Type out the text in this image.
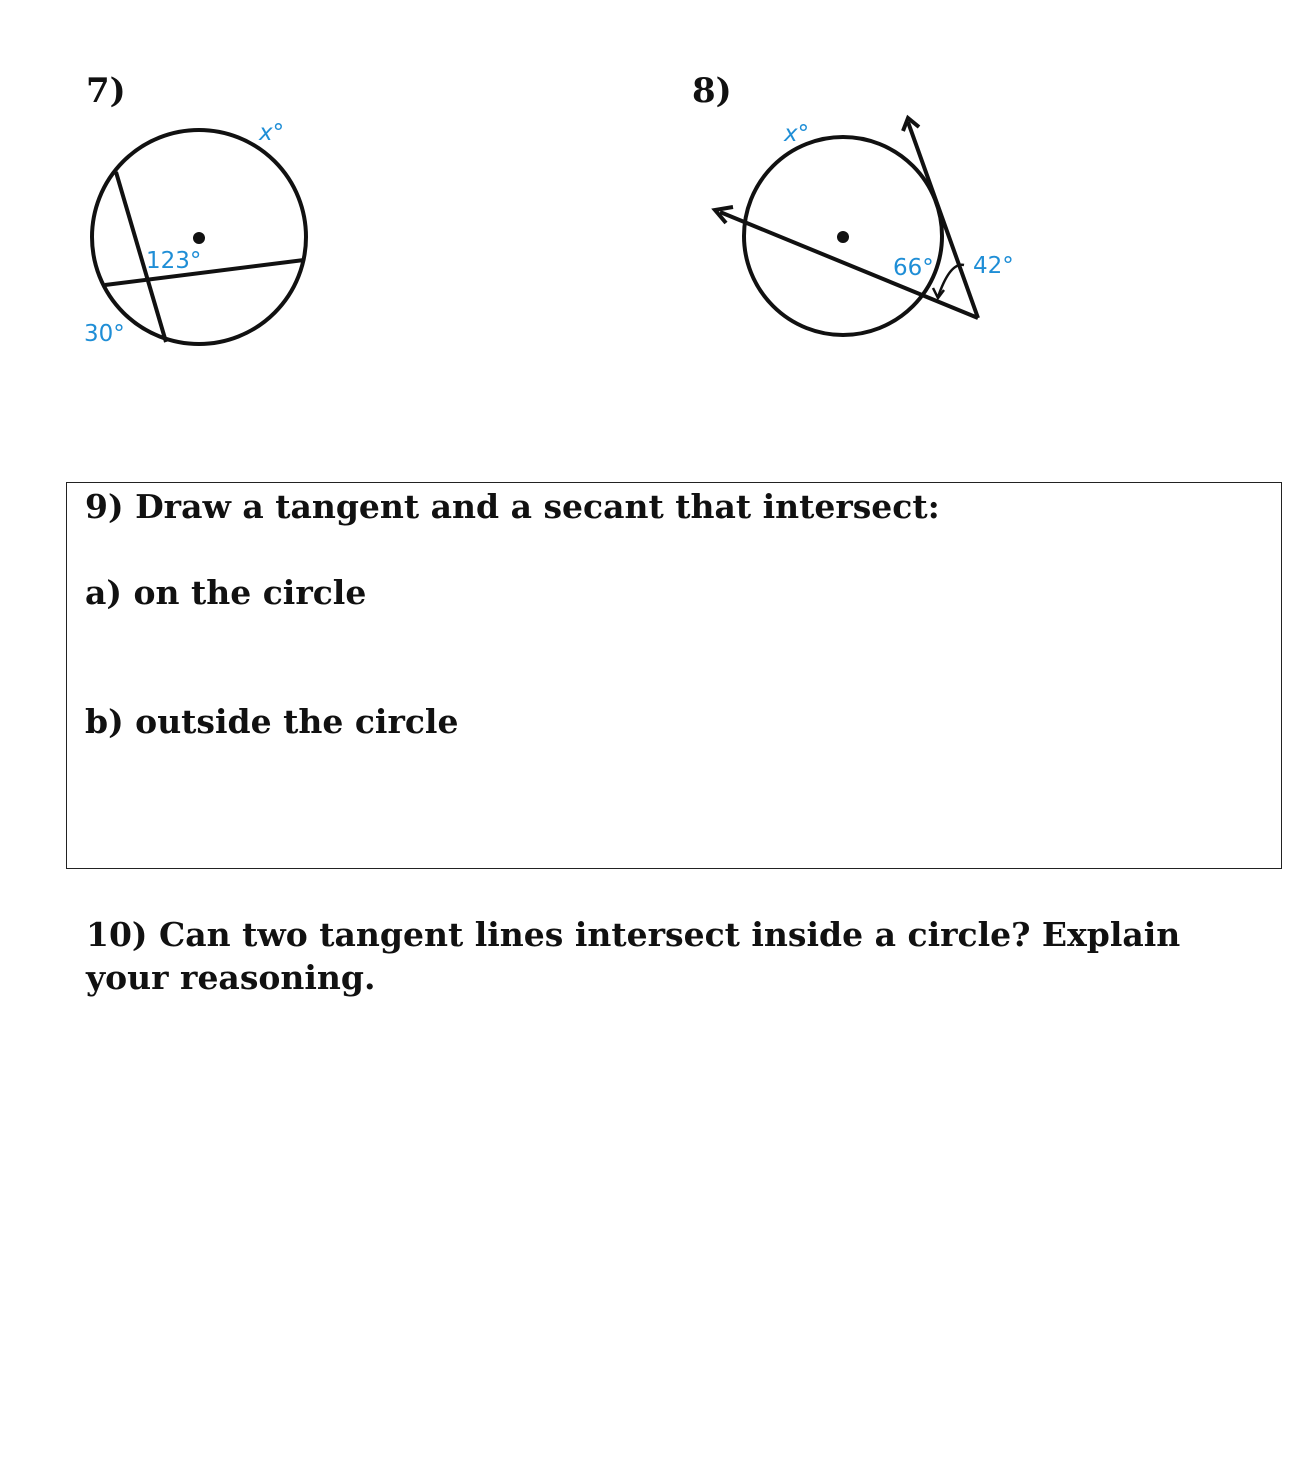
7)
x°
123°
30°
8)
x°
66° 42°

9) Draw a tangent and a secant that intersect:

a) on the circle

b) outside the circle

10) Can two tangent lines intersect inside a circle? Explain your reasoning.
